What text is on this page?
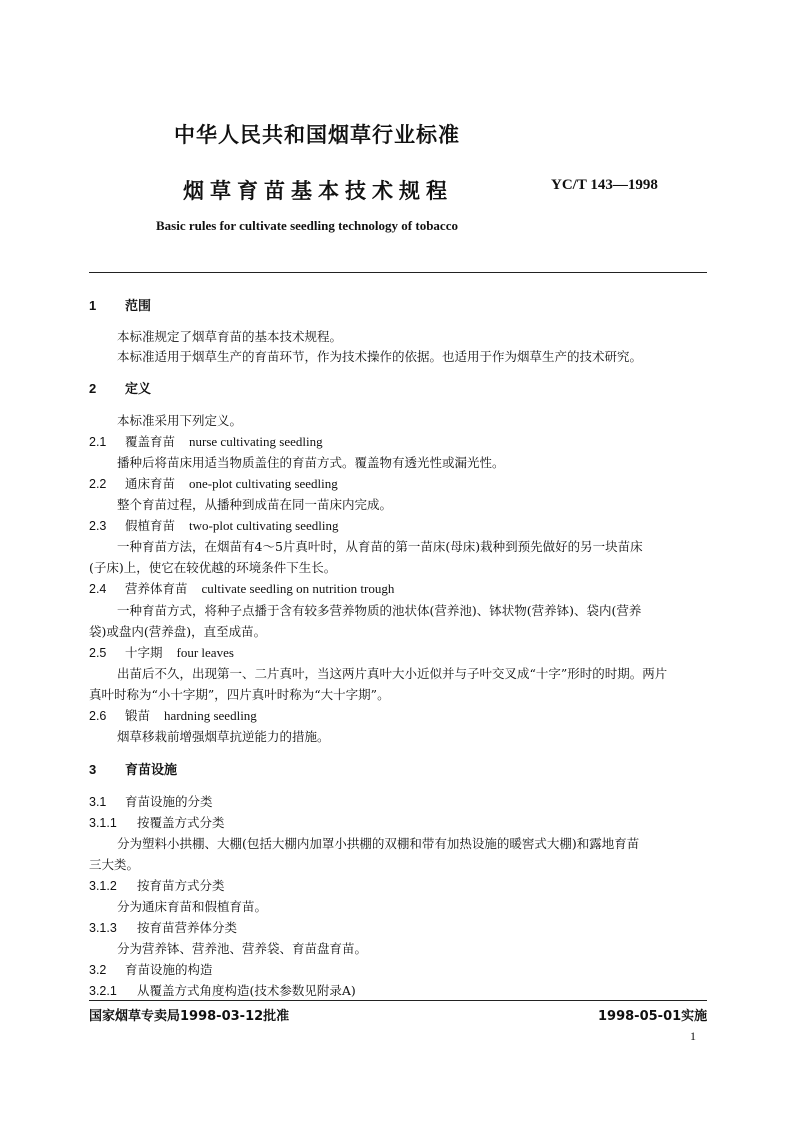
中华人民共和国烟草行业标准
烟草育苗基本技术规程	YC/T 143—1998
Basic rules for cultivate seedling technology of tobacco
1 范围
本标准规定了烟草育苗的基本技术规程。
本标准适用于烟草生产的育苗环节，作为技术操作的依据。也适用于作为烟草生产的技术研究。
2 定义
本标准采用下列定义。
2.1 覆盖育苗 nurse cultivating seedling
播种后将苗床用适当物质盖住的育苗方式。覆盖物有透光性或漏光性。
2.2 通床育苗 one-plot cultivating seedling
整个育苗过程，从播种到成苗在同一苗床内完成。
2.3 假植育苗 two-plot cultivating seedling
一种育苗方法，在烟苗有4～5片真叶时，从育苗的第一苗床(母床)栽种到预先做好的另一块苗床
(子床)上，使它在较优越的环境条件下生长。
2.4 营养体育苗 cultivate seedling on nutrition trough
一种育苗方式，将种子点播于含有较多营养物质的池状体(营养池)、钵状物(营养钵)、袋内(营养
袋)或盘内(营养盘)，直至成苗。
2.5 十字期 four leaves
出苗后不久，出现第一、二片真叶，当这两片真叶大小近似并与子叶交叉成“十字”形时的时期。两片
真叶时称为“小十字期”，四片真叶时称为“大十字期”。
2.6 锻苗 hardning seedling
烟草移栽前增强烟草抗逆能力的措施。
3 育苗设施
3.1 育苗设施的分类
3.1.1 按覆盖方式分类
分为塑料小拱棚、大棚(包括大棚内加罩小拱棚的双棚和带有加热设施的暖窖式大棚)和露地育苗
三大类。
3.1.2 按育苗方式分类
分为通床育苗和假植育苗。
3.1.3 按育苗营养体分类
分为营养钵、营养池、营养袋、育苗盘育苗。
3.2 育苗设施的构造
3.2.1 从覆盖方式角度构造(技术参数见附录A)
国家烟草专卖局1998-03-12批准	1998-05-01实施
1
